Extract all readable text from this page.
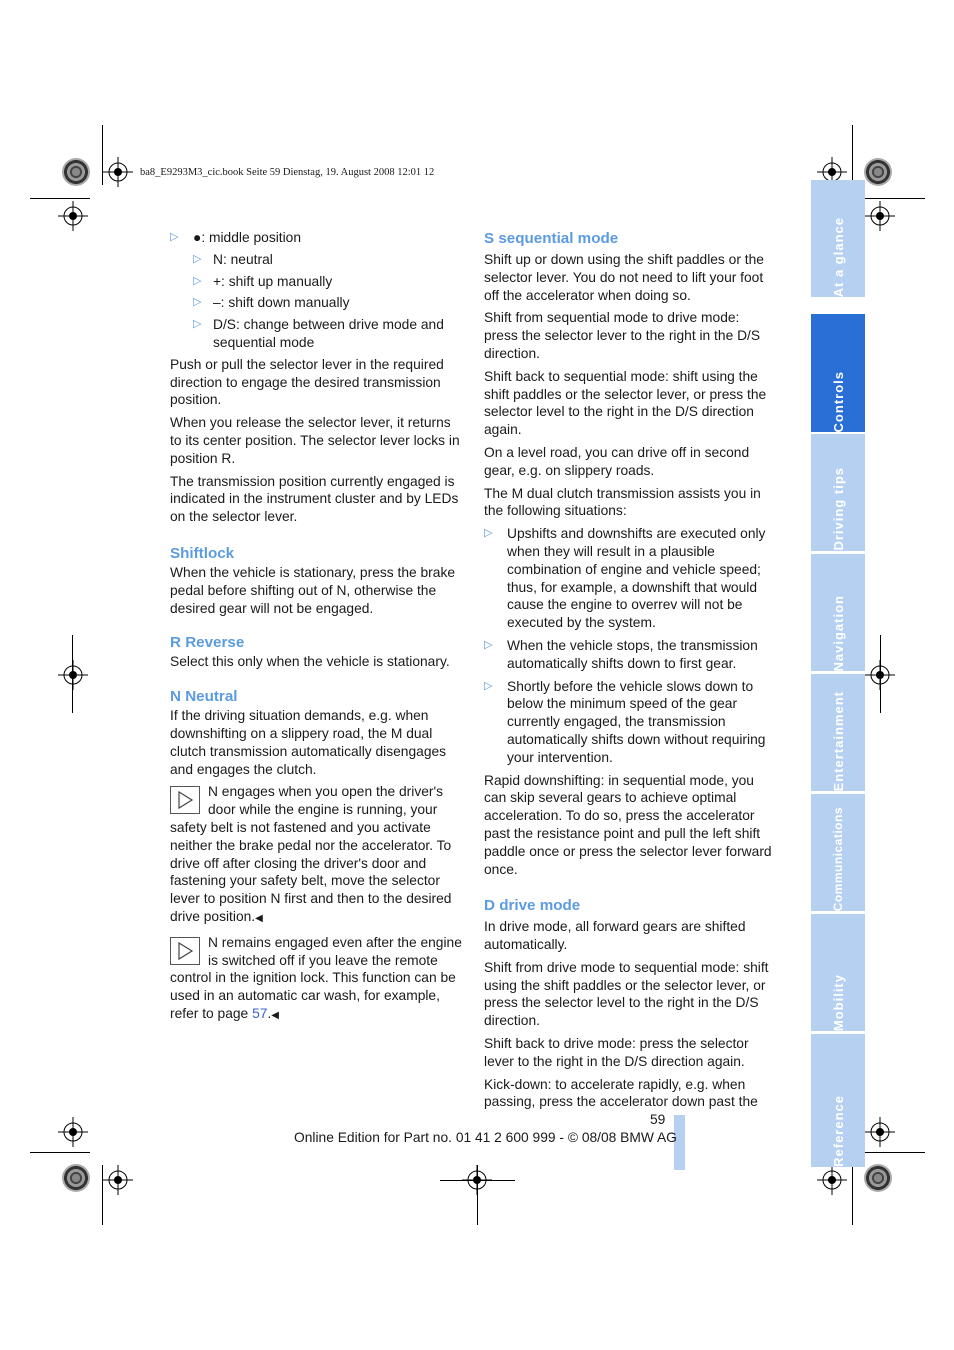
ba8_E9293M3_cic.book Seite 59 Dienstag, 19. August 2008 12:01 12
▷	●: middle position
▷ N: neutral
▷ +: shift up manually
▷ –: shift down manually
▷ D/S: change between drive mode and sequential mode

Push or pull the selector lever in the required direction to engage the desired transmission position.

When you release the selector lever, it returns to its center position. The selector lever locks in position R.

The transmission position currently engaged is indicated in the instrument cluster and by LEDs on the selector lever.

Shiftlock

When the vehicle is stationary, press the brake pedal before shifting out of N, otherwise the desired gear will not be engaged.

R Reverse

Select this only when the vehicle is stationary.

N Neutral

If the driving situation demands, e.g. when downshifting on a slippery road, the M dual clutch transmission automatically disengages and engages the clutch.

N engages when you open the driver's door while the engine is running, your safety belt is not fastened and you activate neither the brake pedal nor the accelerator. To drive off after closing the driver's door and fastening your safety belt, move the selector lever to position N first and then to the desired drive position.◀

N remains engaged even after the engine is switched off if you leave the remote control in the ignition lock. This function can be used in an automatic car wash, for example, refer to page 57.◀

S sequential mode

Shift up or down using the shift paddles or the selector lever. You do not need to lift your foot off the accelerator when doing so.

Shift from sequential mode to drive mode: press the selector lever to the right in the D/S direction.

Shift back to sequential mode: shift using the shift paddles or the selector lever, or press the selector level to the right in the D/S direction again.

On a level road, you can drive off in second gear, e.g. on slippery roads.

The M dual clutch transmission assists you in the following situations:

▷	Upshifts and downshifts are executed only when they will result in a plausible combination of engine and vehicle speed; thus, for example, a downshift that would cause the engine to overrev will not be executed by the system.
▷	When the vehicle stops, the transmission automatically shifts down to first gear.
▷	Shortly before the vehicle slows down to below the minimum speed of the gear currently engaged, the transmission automatically shifts down without requiring your intervention.

Rapid downshifting: in sequential mode, you can skip several gears to achieve optimal acceleration. To do so, press the accelerator past the resistance point and pull the left shift paddle once or press the selector lever forward once.

D drive mode

In drive mode, all forward gears are shifted automatically.

Shift from drive mode to sequential mode: shift using the shift paddles or the selector lever, or press the selector level to the right in the D/S direction.

Shift back to drive mode: press the selector lever to the right in the D/S direction again.

Kick-down: to accelerate rapidly, e.g. when passing, press the accelerator down past the

At a glance
Controls
Driving tips
Navigation
Entertainment
Communications
Mobility
Reference
59
Online Edition for Part no. 01 41 2 600 999 - © 08/08 BMW AG
